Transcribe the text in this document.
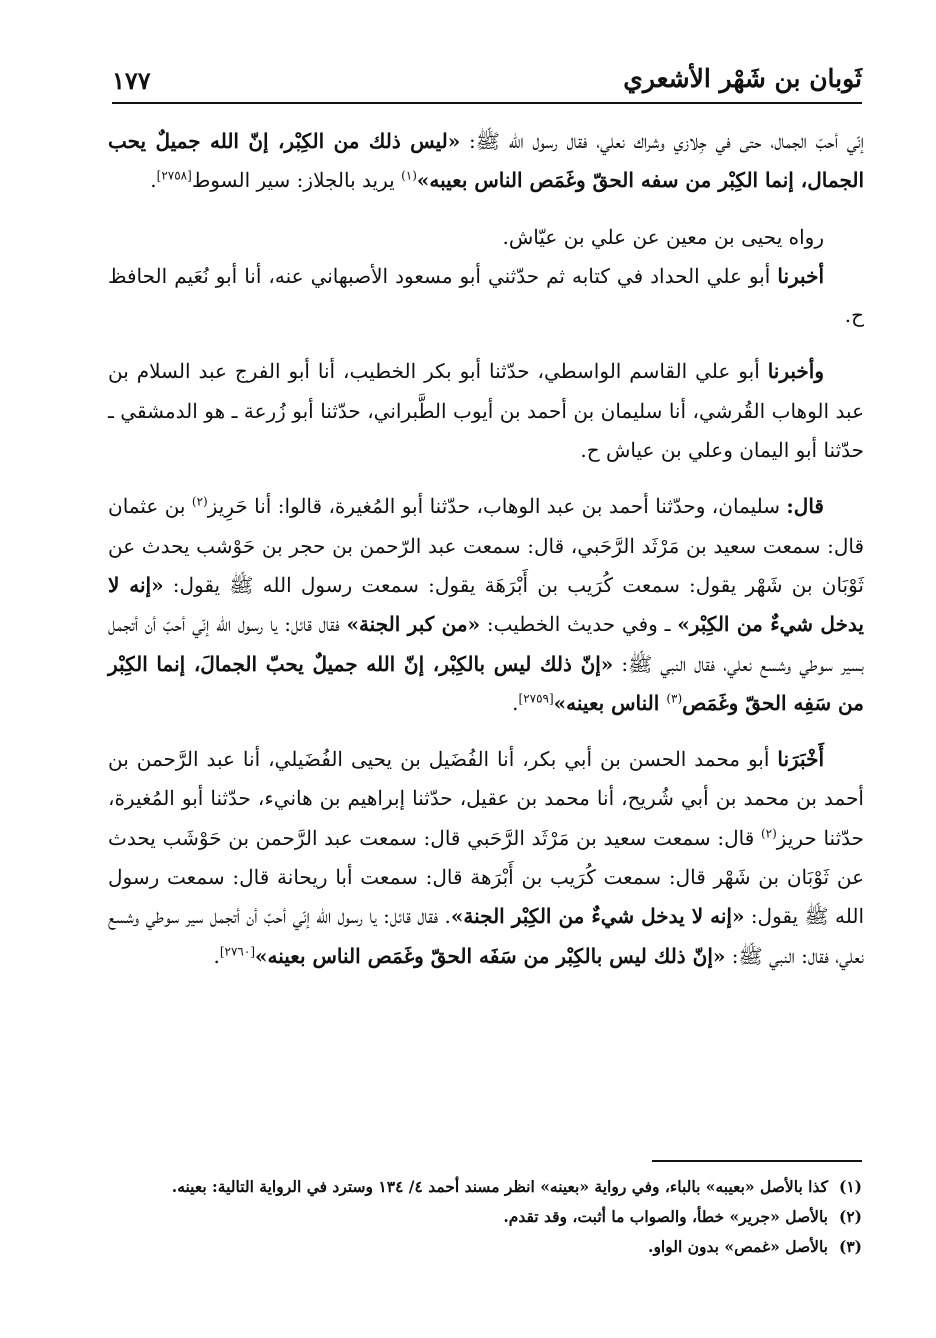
ثَوبان بن شَهْر الأشعري
١٧٧

إنّي أحبّ الجمال، حتى في جِلازي وشراك نعلي، فقال رسول الله ﷺ: «ليس ذلك من الكِبْر، إنّ الله جميلٌ يحب الجمال، إنما الكِبْر من سفه الحقّ وغَمَص الناس بعيبه»$^{(١)}$ يريد بالجلاز: سير السوط[٢٧٥٨].

رواه يحيى بن معين عن علي بن عيّاش.

أخبرنا أبو علي الحداد في كتابه ثم حدّثني أبو مسعود الأصبهاني عنه، أنا أبو نُعَيم الحافظ ح.

وأخبرنا أبو علي القاسم الواسطي، حدّثنا أبو بكر الخطيب، أنا أبو الفرج عبد السلام بن عبد الوهاب القُرشي، أنا سليمان بن أحمد بن أيوب الطَّبراني، حدّثنا أبو زُرعة ـ هو الدمشقي ـ حدّثنا أبو اليمان وعلي بن عياش ح.

قال: سليمان، وحدّثنا أحمد بن عبد الوهاب، حدّثنا أبو المُغيرة، قالوا: أنا حَرِيز$^{(٢)}$ بن عثمان قال: سمعت سعيد بن مَرْثَد الرَّحَبي، قال: سمعت عبد الرّحمن بن حجر بن حَوْشب يحدث عن ثَوْبَان بن شَهْر يقول: سمعت كُرَيب بن أَبْرَهَة يقول: سمعت رسول الله ﷺ يقول: «إنه لا يدخل شيءٌ من الكِبْر» ـ وفي حديث الخطيب: «من كبر الجنة» فقال قائل: يا رسول الله إنّي أحبّ أن أتجمل بسير سوطي وشسع نعلي، فقال النبي ﷺ: «إنّ ذلك ليس بالكِبْر، إنّ الله جميلٌ يحبّ الجمالَ، إنما الكِبْر من سَفِه الحقّ وغَمَص$^{(٣)}$ الناس بعينه»[٢٧٥٩].

أَخْبَرَنا أبو محمد الحسن بن أبي بكر، أنا الفُضَيل بن يحيى الفُضَيلي، أنا عبد الرَّحمن بن أحمد بن محمد بن أبي شُريح، أنا محمد بن عقيل، حدّثنا إبراهيم بن هانيء، حدّثنا أبو المُغيرة، حدّثنا حريز$^{(٢)}$ قال: سمعت سعيد بن مَرْثَد الرَّحَبي قال: سمعت عبد الرَّحمن بن حَوْشَب يحدث عن ثَوْبَان بن شَهْر قال: سمعت كُرَيب بن أَبْرَهة قال: سمعت أبا ريحانة قال: سمعت رسول الله ﷺ يقول: «إنه لا يدخل شيءٌ من الكِبْر الجنة». فقال قائل: يا رسول الله إنّي أحبّ أن أتجمل سير سوطي وشسع نعلي، فقال: النبي ﷺ: «إنّ ذلك ليس بالكِبْر من سَفَه الحقّ وغَمَص الناس بعينه»[٢٧٦٠].

(١)كذا بالأصل «بعيبه» بالباء، وفي رواية «بعينه» انظر مسند أحمد ٤/ ١٣٤ وسترد في الرواية التالية: بعينه.

(٢)بالأصل «جرير» خطأ، والصواب ما أثبت، وقد تقدم.

(٣)بالأصل «غمص» بدون الواو.
